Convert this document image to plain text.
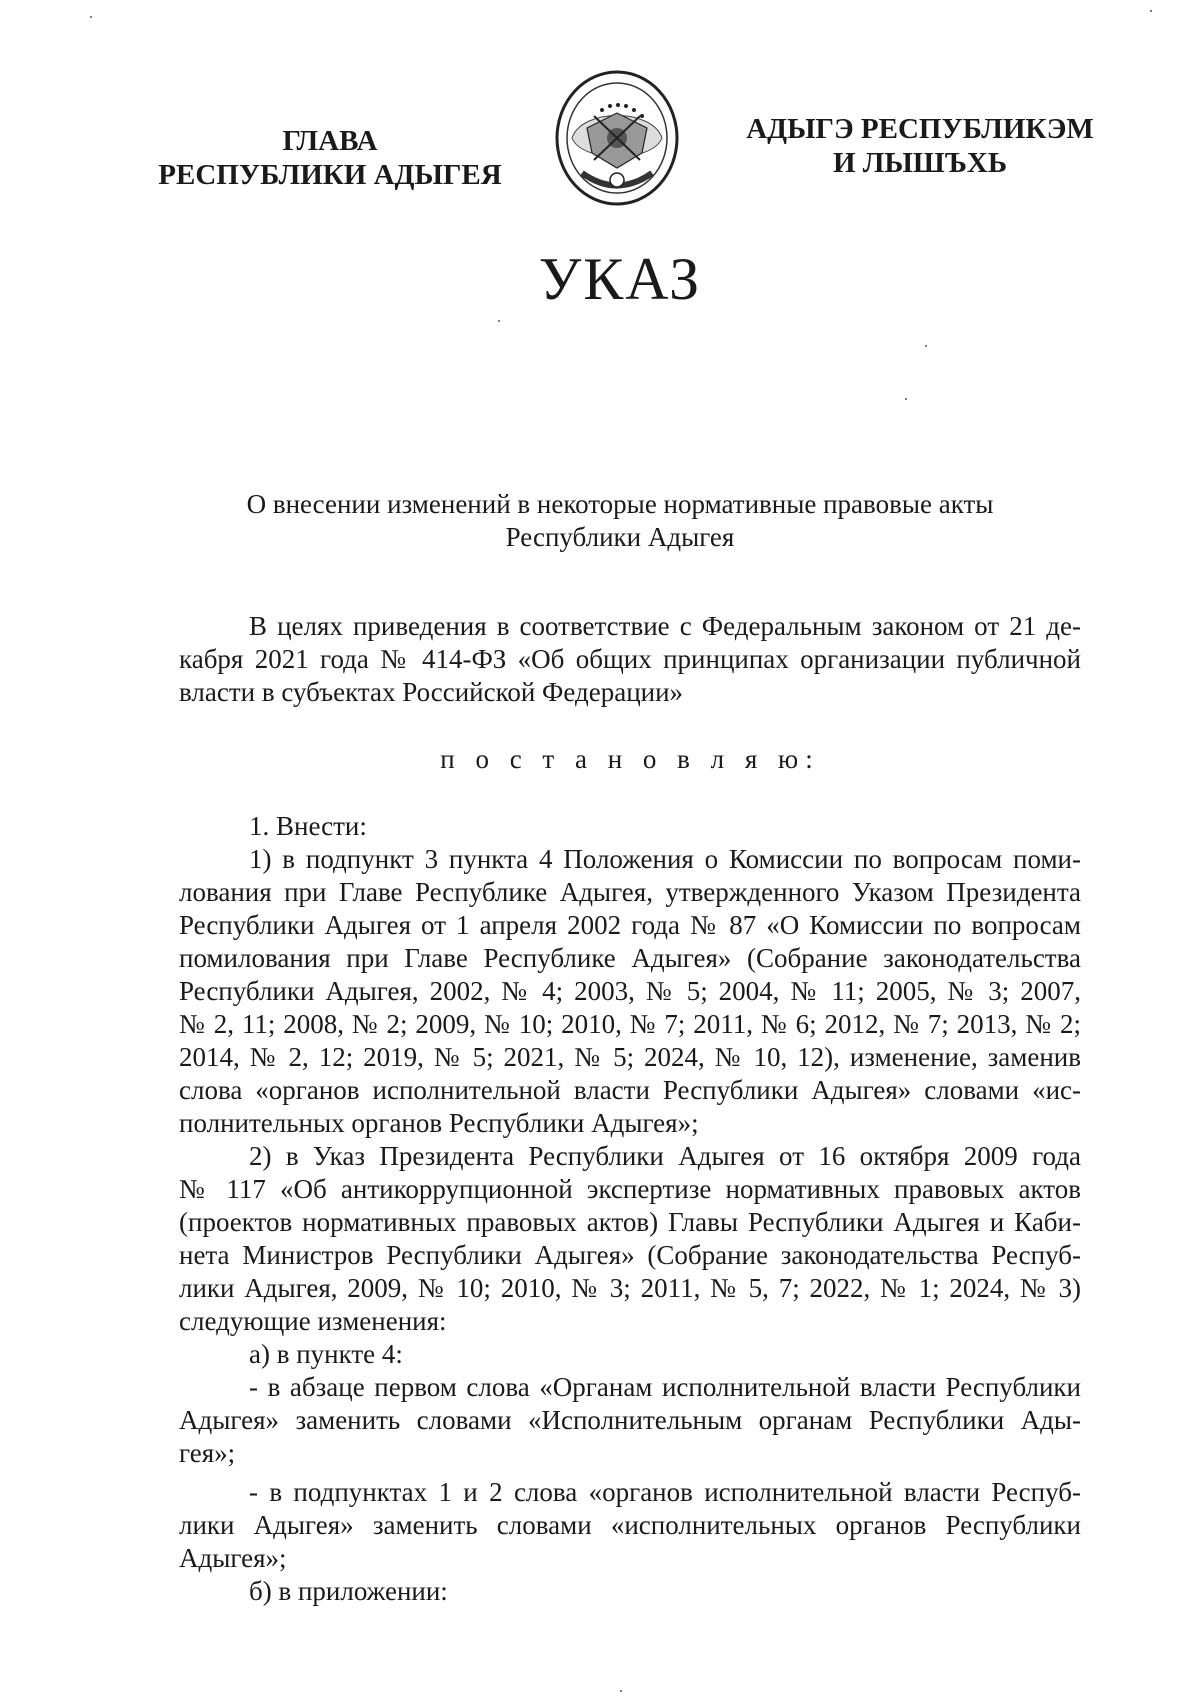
ГЛАВА
РЕСПУБЛИКИ АДЫГЕЯ
АДЫГЭ РЕСПУБЛИКЭМ
И ЛЫШЪХЬ
УКАЗ
О внесении изменений в некоторые нормативные правовые акты
Республики Адыгея
В целях приведения в соответствие с Федеральным законом от 21 де-
кабря 2021 года № 414-ФЗ «Об общих принципах организации публичной
власти в субъектах Российской Федерации»
п о с т а н о в л я ю:
1. Внести:
1) в подпункт 3 пункта 4 Положения о Комиссии по вопросам поми-
лования при Главе Республике Адыгея, утвержденного Указом Президента
Республики Адыгея от 1 апреля 2002 года № 87 «О Комиссии по вопросам
помилования при Главе Республике Адыгея» (Собрание законодательства
Республики Адыгея, 2002, № 4; 2003, № 5; 2004, № 11; 2005, № 3; 2007,
№ 2, 11; 2008, № 2; 2009, № 10; 2010, № 7; 2011, № 6; 2012, № 7; 2013, № 2;
2014, № 2, 12; 2019, № 5; 2021, № 5; 2024, № 10, 12), изменение, заменив
слова «органов исполнительной власти Республики Адыгея» словами «ис-
полнительных органов Республики Адыгея»;
2) в Указ Президента Республики Адыгея от 16 октября 2009 года
№ 117 «Об антикоррупционной экспертизе нормативных правовых актов
(проектов нормативных правовых актов) Главы Республики Адыгея и Каби-
нета Министров Республики Адыгея» (Собрание законодательства Респуб-
лики Адыгея, 2009, № 10; 2010, № 3; 2011, № 5, 7; 2022, № 1; 2024, № 3)
следующие изменения:
а) в пункте 4:
- в абзаце первом слова «Органам исполнительной власти Республики
Адыгея» заменить словами «Исполнительным органам Республики Ады-
гея»;
- в подпунктах 1 и 2 слова «органов исполнительной власти Респуб-
лики Адыгея» заменить словами «исполнительных органов Республики
Адыгея»;
б) в приложении:
